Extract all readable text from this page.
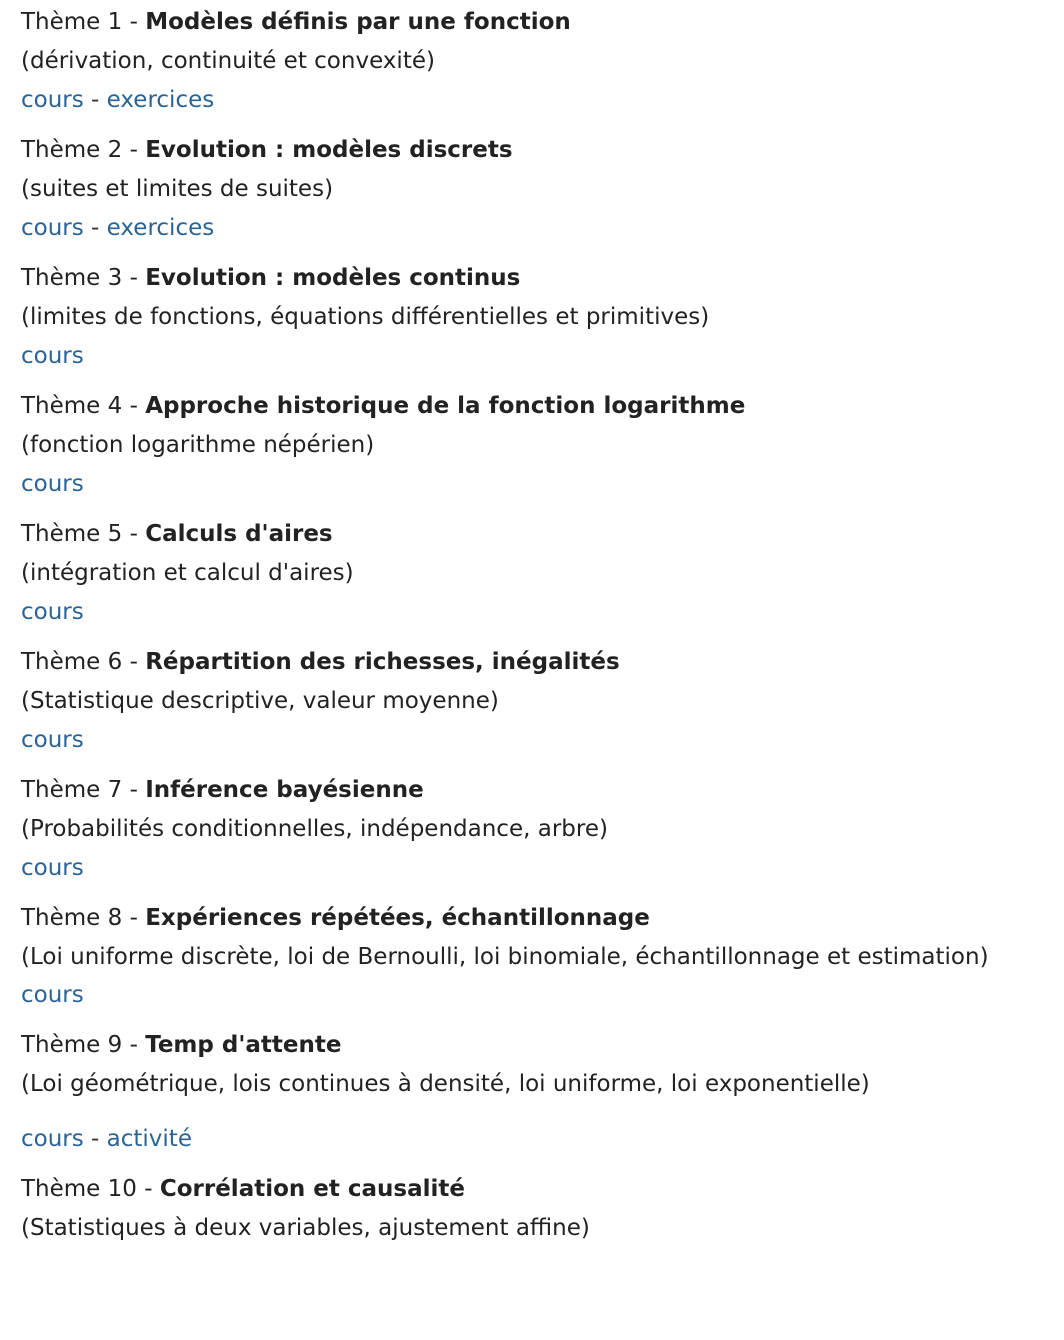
Thème 1 - Modèles définis par une fonction
(dérivation, continuité et convexité)
cours - exercices
Thème 2 - Evolution : modèles discrets
(suites et limites de suites)
cours - exercices
Thème 3 - Evolution : modèles continus
(limites de fonctions, équations différentielles et primitives)
cours
Thème 4 - Approche historique de la fonction logarithme
(fonction logarithme népérien)
cours
Thème 5 - Calculs d'aires
(intégration et calcul d'aires)
cours
Thème 6 - Répartition des richesses, inégalités
(Statistique descriptive, valeur moyenne)
cours
Thème 7 - Inférence bayésienne
(Probabilités conditionnelles, indépendance, arbre)
cours
Thème 8 - Expériences répétées, échantillonnage
(Loi uniforme discrète, loi de Bernoulli, loi binomiale, échantillonnage et estimation)
cours
Thème 9 - Temp d'attente
(Loi géométrique, lois continues à densité, loi uniforme, loi exponentielle)
cours - activité
Thème 10 - Corrélation et causalité
(Statistiques à deux variables, ajustement affine)
